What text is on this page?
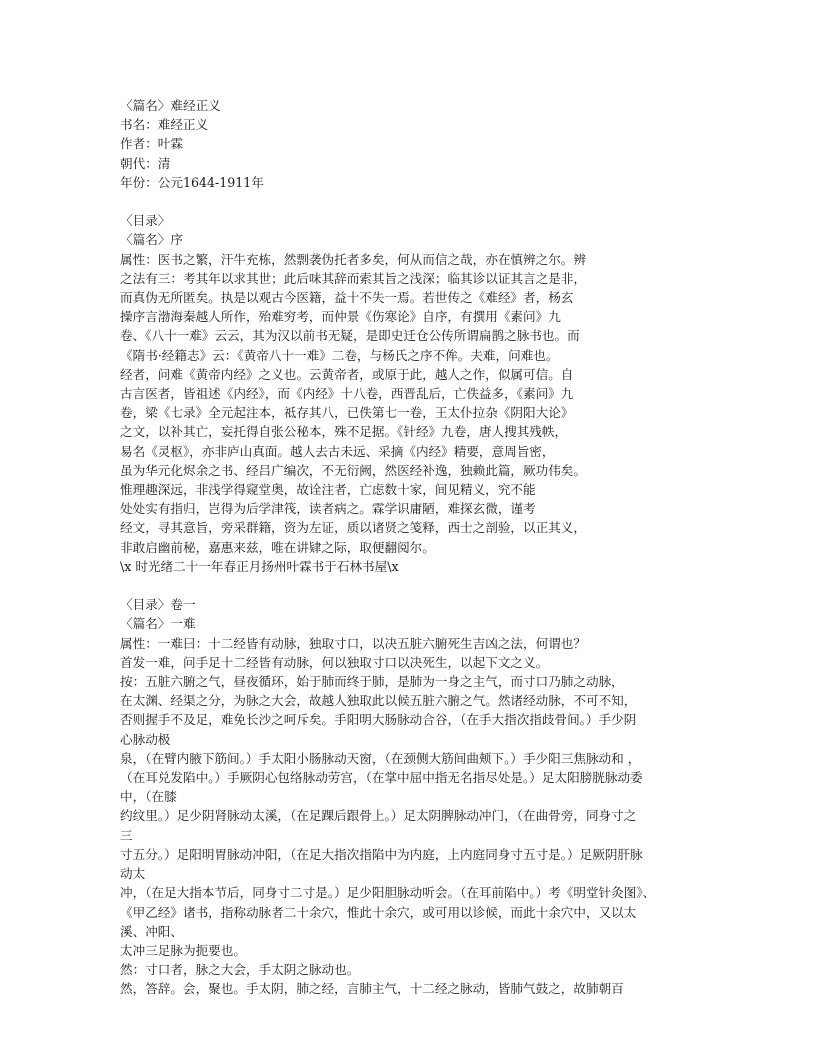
〈篇名〉难经正义
书名：难经正义
作者：叶霖
朝代：清
年份：公元1644-1911年
〈目录〉
〈篇名〉序
属性：医书之繁，汗牛充栋，然剽袭伪托者多矣，何从而信之哉，亦在慎辨之尔。辨
之法有三：考其年以求其世；此后味其辞而索其旨之浅深；临其诊以证其言之是非，
而真伪无所匿矣。执是以观古今医籍，益十不失一焉。若世传之《难经》者，杨玄
操序言渤海秦越人所作，殆难穷考，而仲景《伤寒论》自序，有撰用《素问》九
卷、《八十一难》云云，其为汉以前书无疑，是即史迁仓公传所谓扁鹊之脉书也。而
《隋书·经籍志》云：《黄帝八十一难》二卷，与杨氏之序不侔。夫难，问难也。
经者，问难《黄帝内经》之义也。云黄帝者，或原于此，越人之作，似属可信。自
古言医者，皆祖述《内经》，而《内经》十八卷，西晋乱后，亡佚益多，《素问》九
卷，梁《七录》全元起注本，祗存其八，已佚第七一卷，王太仆拉杂《阴阳大论》
之文，以补其亡，妄托得自张公秘本，殊不足据。《针经》九卷，唐人搜其残帙，
易名《灵枢》，亦非庐山真面。越人去古未远、采摘《内经》精要，意周旨密，
虽为华元化烬余之书、经吕广编次，不无衍阙，然医经补逸，独赖此篇，厥功伟矣。
惟理趣深远，非浅学得窥堂奥，故诠注者，亡虑数十家，间见精义，究不能
处处实有指归，岂得为后学津筏，读者病之。霖学识庸陋，难探玄微，谨考
经文，寻其意旨，旁采群籍，资为左证，质以诸贤之笺释，西士之剖验，以正其义，
非敢启幽前秘，嘉惠来兹，唯在讲肄之际，取便翻阅尔。
\x 时光绪二十一年春正月扬州叶霖书于石林书屋\x
〈目录〉卷一
〈篇名〉一难
属性：一难曰：十二经皆有动脉，独取寸口，以决五脏六腑死生吉凶之法，何谓也？
首发一难，问手足十二经皆有动脉，何以独取寸口以决死生，以起下文之义。
按：五脏六腑之气，昼夜循环，始于肺而终于肺，是肺为一身之主气，而寸口乃肺之动脉，
在太渊、经渠之分，为脉之大会，故越人独取此以候五脏六腑之气。然诸经动脉，不可不知，
否则握手不及足，难免长沙之呵斥矣。手阳明大肠脉动合谷，（在手大指次指歧骨间。）手少阴
心脉动极
泉，（在臂内腋下筋间。）手太阳小肠脉动天窗，（在颈侧大筋间曲颊下。）手少阳三焦脉动和 ，
（在耳兑发陷中。）手厥阴心包络脉动劳宫，（在掌中屈中指无名指尽处是。）足太阳膀胱脉动委
中，（在膝
约纹里。）足少阴肾脉动太溪，（在足踝后跟骨上。）足太阴脾脉动冲门，（在曲骨旁，同身寸之
三
寸五分。）足阳明胃脉动冲阳，（在足大指次指陷中为内庭，上内庭同身寸五寸是。）足厥阴肝脉
动太
冲，（在足大指本节后，同身寸二寸是。）足少阳胆脉动听会。（在耳前陷中。）考《明堂针灸图》、
《甲乙经》诸书，指称动脉者二十余穴，惟此十余穴，或可用以诊候，而此十余穴中，又以太
溪、冲阳、
太冲三足脉为扼要也。
然：寸口者，脉之大会，手太阴之脉动也。
然，答辞。会，聚也。手太阴，肺之经，言肺主气，十二经之脉动，皆肺气鼓之，故肺朝百
